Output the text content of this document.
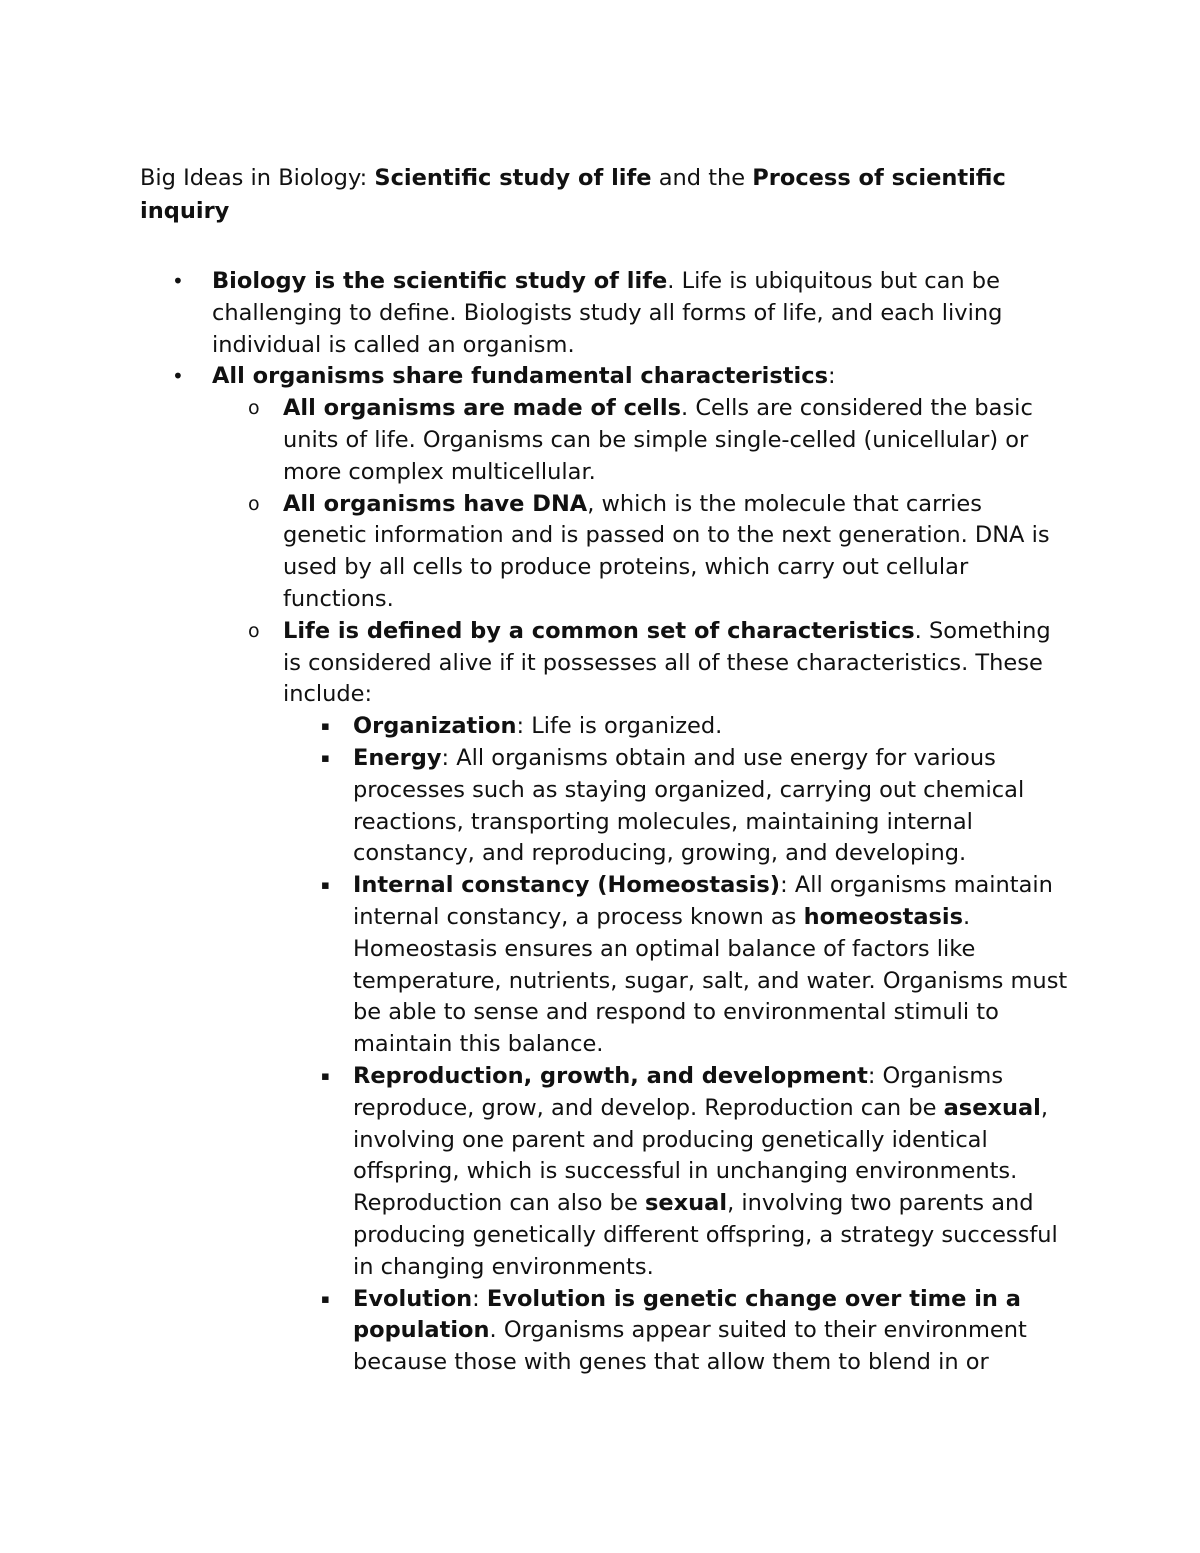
Big Ideas in Biology: Scientific study of life and the Process of scientific inquiry

• Biology is the scientific study of life. Life is ubiquitous but can be challenging to define. Biologists study all forms of life, and each living individual is called an organism.
• All organisms share fundamental characteristics:
o All organisms are made of cells. Cells are considered the basic units of life. Organisms can be simple single-celled (unicellular) or more complex multicellular.
o All organisms have DNA, which is the molecule that carries genetic information and is passed on to the next generation. DNA is used by all cells to produce proteins, which carry out cellular functions.
o Life is defined by a common set of characteristics. Something is considered alive if it possesses all of these characteristics. These include:
▪ Organization: Life is organized.
▪ Energy: All organisms obtain and use energy for various processes such as staying organized, carrying out chemical reactions, transporting molecules, maintaining internal constancy, and reproducing, growing, and developing.
▪ Internal constancy (Homeostasis): All organisms maintain internal constancy, a process known as homeostasis. Homeostasis ensures an optimal balance of factors like temperature, nutrients, sugar, salt, and water. Organisms must be able to sense and respond to environmental stimuli to maintain this balance.
▪ Reproduction, growth, and development: Organisms reproduce, grow, and develop. Reproduction can be asexual, involving one parent and producing genetically identical offspring, which is successful in unchanging environments. Reproduction can also be sexual, involving two parents and producing genetically different offspring, a strategy successful in changing environments.
▪ Evolution: Evolution is genetic change over time in a population. Organisms appear suited to their environment because those with genes that allow them to blend in or
